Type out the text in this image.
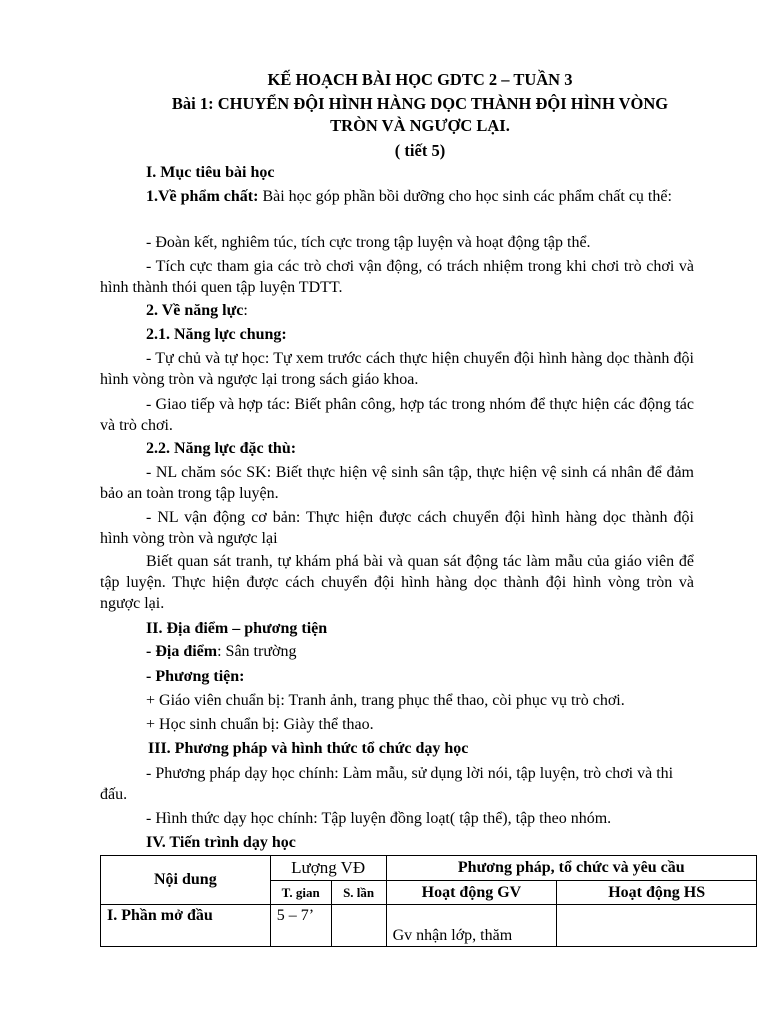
KẾ HOẠCH BÀI HỌC GDTC 2 – TUẦN 3
Bài 1: CHUYỂN ĐỘI HÌNH HÀNG DỌC THÀNH ĐỘI HÌNH VÒNG
TRÒN VÀ NGƯỢC LẠI.
( tiết 5)
I. Mục tiêu bài học
1.Về phẩm chất: Bài học góp phần bồi dưỡng cho học sinh các phẩm chất cụ thể:
- Đoàn kết, nghiêm túc, tích cực trong tập luyện và hoạt động tập thể.
- Tích cực tham gia các trò chơi vận động, có trách nhiệm trong khi chơi trò chơi và hình thành thói quen tập luyện TDTT.
2. Về năng lực:
2.1. Năng lực chung:
- Tự chủ và tự học: Tự xem trước cách thực hiện chuyển đội hình hàng dọc thành đội hình vòng tròn và ngược lại trong sách giáo khoa.
- Giao tiếp và hợp tác: Biết phân công, hợp tác trong nhóm để thực hiện các động tác và trò chơi.
2.2. Năng lực đặc thù:
- NL chăm sóc SK: Biết thực hiện vệ sinh sân tập, thực hiện vệ sinh cá nhân để đảm bảo an toàn trong tập luyện.
- NL vận động cơ bản: Thực hiện được cách chuyển đội hình hàng dọc thành đội hình vòng tròn và ngược lại
Biết quan sát tranh, tự khám phá bài và quan sát động tác làm mẫu của giáo viên để tập luyện. Thực hiện được cách chuyển đội hình hàng dọc thành đội hình vòng tròn và ngược lại.
II. Địa điểm – phương tiện
- Địa điểm: Sân trường
- Phương tiện:
+ Giáo viên chuẩn bị: Tranh ảnh, trang phục thể thao, còi phục vụ trò chơi.
+ Học sinh chuẩn bị: Giày thể thao.
III. Phương pháp và hình thức tổ chức dạy học
- Phương pháp dạy học chính: Làm mẫu, sử dụng lời nói, tập luyện, trò chơi và thi đấu.
- Hình thức dạy học chính: Tập luyện đồng loạt( tập thể), tập theo nhóm.
IV. Tiến trình dạy học
Nội dung	Lượng VĐ		Phương pháp, tổ chức và yêu cầu	
	T. gian	S. lần	Hoạt động GV	Hoạt động HS
I. Phần mở đầu	5 – 7’		Gv nhận lớp, thăm	
